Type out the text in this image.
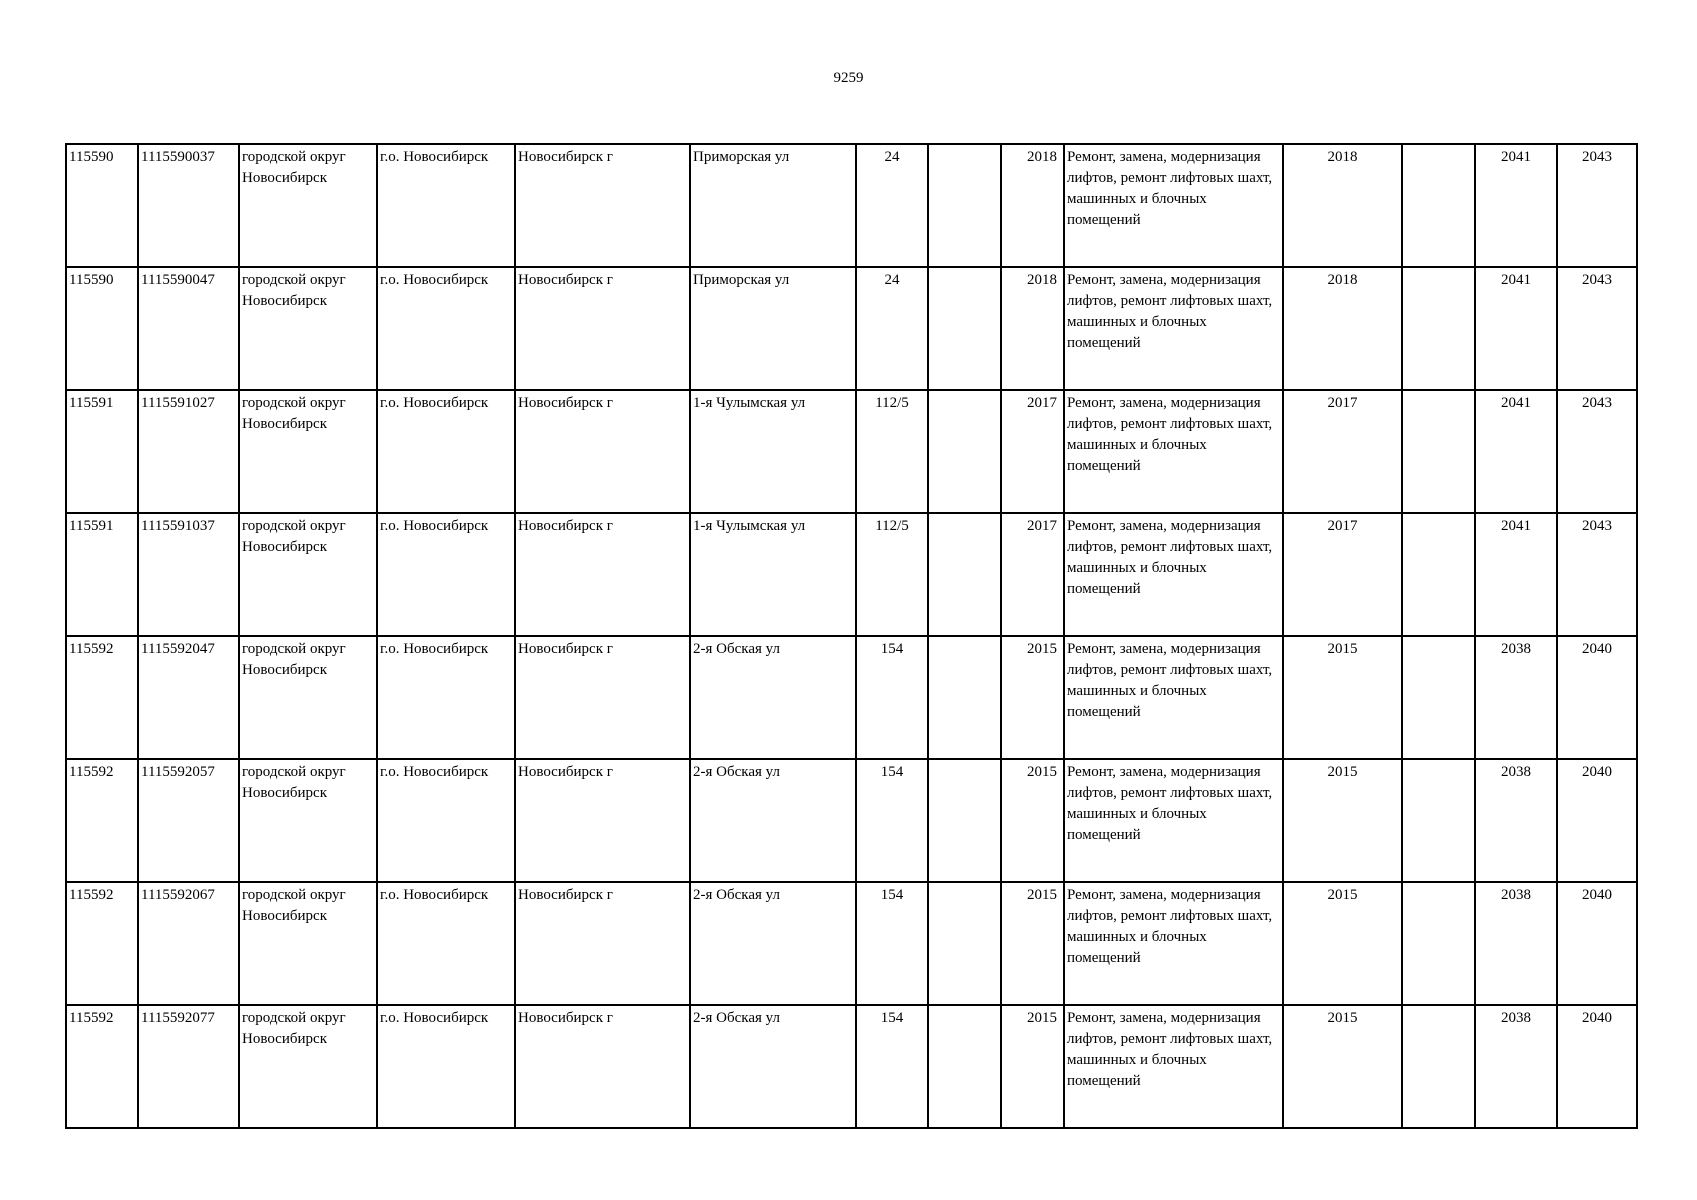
9259
115590	1115590037	городской округ Новосибирск	г.о. Новосибирск	Новосибирск г	Приморская ул	24		2018	Ремонт, замена, модернизация лифтов, ремонт лифтовых шахт, машинных и блочных помещений	2018		2041	2043
115590	1115590047	городской округ Новосибирск	г.о. Новосибирск	Новосибирск г	Приморская ул	24		2018	Ремонт, замена, модернизация лифтов, ремонт лифтовых шахт, машинных и блочных помещений	2018		2041	2043
115591	1115591027	городской округ Новосибирск	г.о. Новосибирск	Новосибирск г	1-я Чулымская ул	112/5		2017	Ремонт, замена, модернизация лифтов, ремонт лифтовых шахт, машинных и блочных помещений	2017		2041	2043
115591	1115591037	городской округ Новосибирск	г.о. Новосибирск	Новосибирск г	1-я Чулымская ул	112/5		2017	Ремонт, замена, модернизация лифтов, ремонт лифтовых шахт, машинных и блочных помещений	2017		2041	2043
115592	1115592047	городской округ Новосибирск	г.о. Новосибирск	Новосибирск г	2-я Обская ул	154		2015	Ремонт, замена, модернизация лифтов, ремонт лифтовых шахт, машинных и блочных помещений	2015		2038	2040
115592	1115592057	городской округ Новосибирск	г.о. Новосибирск	Новосибирск г	2-я Обская ул	154		2015	Ремонт, замена, модернизация лифтов, ремонт лифтовых шахт, машинных и блочных помещений	2015		2038	2040
115592	1115592067	городской округ Новосибирск	г.о. Новосибирск	Новосибирск г	2-я Обская ул	154		2015	Ремонт, замена, модернизация лифтов, ремонт лифтовых шахт, машинных и блочных помещений	2015		2038	2040
115592	1115592077	городской округ Новосибирск	г.о. Новосибирск	Новосибирск г	2-я Обская ул	154		2015	Ремонт, замена, модернизация лифтов, ремонт лифтовых шахт, машинных и блочных помещений	2015		2038	2040
